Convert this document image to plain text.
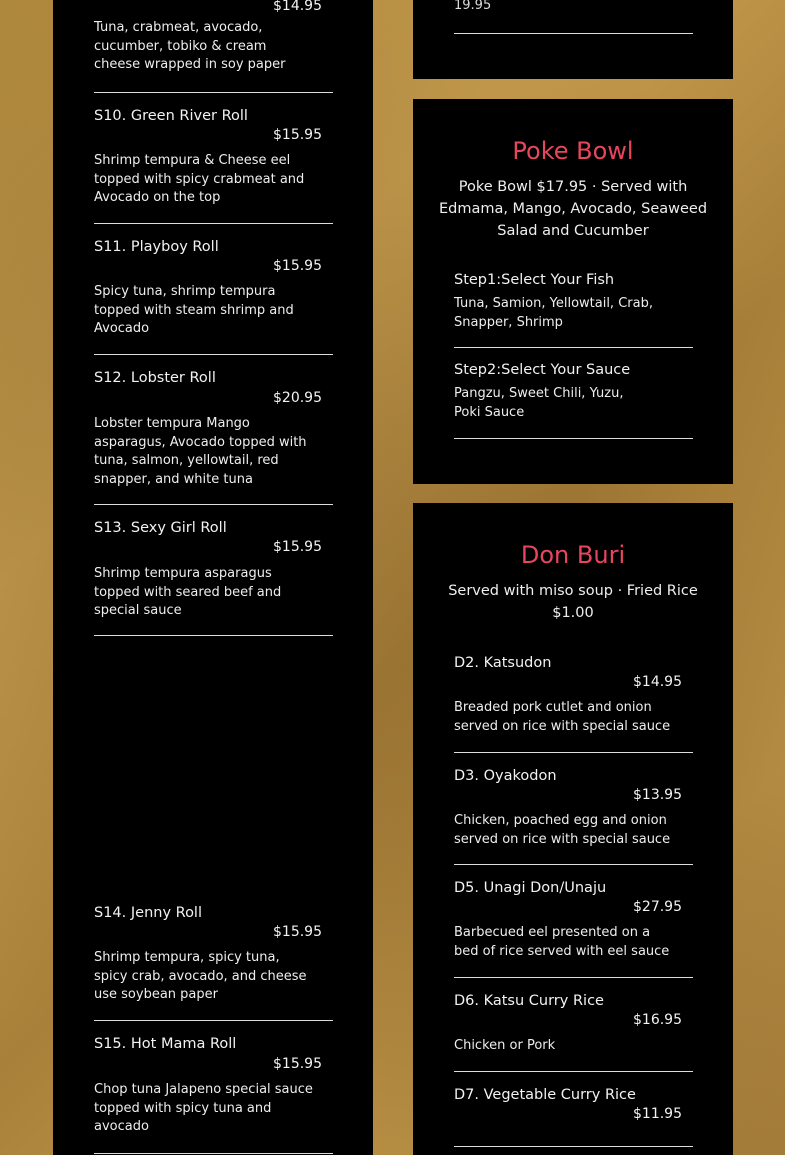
$14.95
Tuna, crabmeat, avocado, cucumber, tobiko & cream cheese wrapped in soy paper
S10. Green River Roll
$15.95
Shrimp tempura & Cheese eel topped with spicy crabmeat and Avocado on the top
S11. Playboy Roll
$15.95
Spicy tuna, shrimp tempura topped with steam shrimp and Avocado
S12. Lobster Roll
$20.95
Lobster tempura Mango asparagus, Avocado topped with tuna, salmon, yellowtail, red snapper, and white tuna
S13. Sexy Girl Roll
$15.95
Shrimp tempura asparagus topped with seared beef and special sauce
S14. Jenny Roll
$15.95
Shrimp tempura, spicy tuna, spicy crab, avocado, and cheese use soybean paper
S15. Hot Mama Roll
$15.95
Chop tuna Jalapeno special sauce topped with spicy tuna and avocado
19.95
Poke Bowl
Poke Bowl $17.95 · Served with Edmama, Mango, Avocado, Seaweed Salad and Cucumber
Step1:Select Your Fish
Tuna, Samion, Yellowtail, Crab, Snapper, Shrimp
Step2:Select Your Sauce
Pangzu, Sweet Chili, Yuzu, Poki Sauce
Don Buri
Served with miso soup · Fried Rice $1.00
D2. Katsudon
$14.95
Breaded pork cutlet and onion served on rice with special sauce
D3. Oyakodon
$13.95
Chicken, poached egg and onion served on rice with special sauce
D5. Unagi Don/Unaju
$27.95
Barbecued eel presented on a bed of rice served with eel sauce
D6. Katsu Curry Rice
$16.95
Chicken or Pork
D7. Vegetable Curry Rice
$11.95
